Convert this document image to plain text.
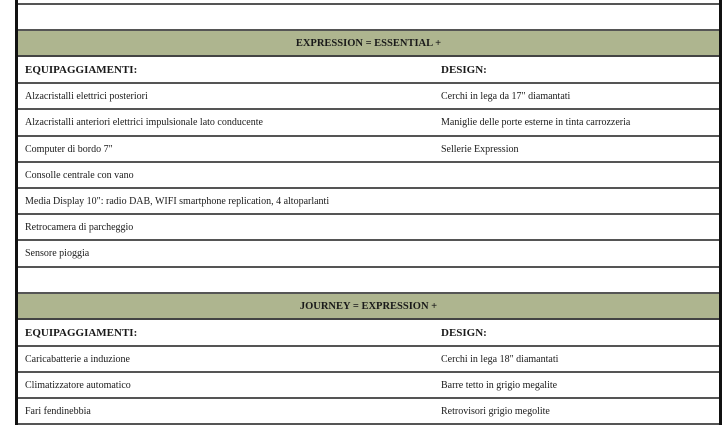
EXPRESSION = ESSENTIAL +
EQUIPAGGIAMENTI:	DESIGN:
Alzacristalli elettrici posteriori	Cerchi in lega da 17" diamantati
Alzacristalli anteriori elettrici impulsionale lato conducente	Maniglie delle porte esterne in tinta carrozzeria
Computer di bordo 7"	Sellerie Expression
Consolle centrale con vano
Media Display 10": radio DAB, WIFI smartphone replication, 4 altoparlanti
Retrocamera di parcheggio
Sensore pioggia
JOURNEY = EXPRESSION +
EQUIPAGGIAMENTI:	DESIGN:
Caricabatterie a induzione	Cerchi in lega 18" diamantati
Climatizzatore automatico	Barre tetto in grigio megalite
Fari fendinebbia	Retrovisori grigio megolite
